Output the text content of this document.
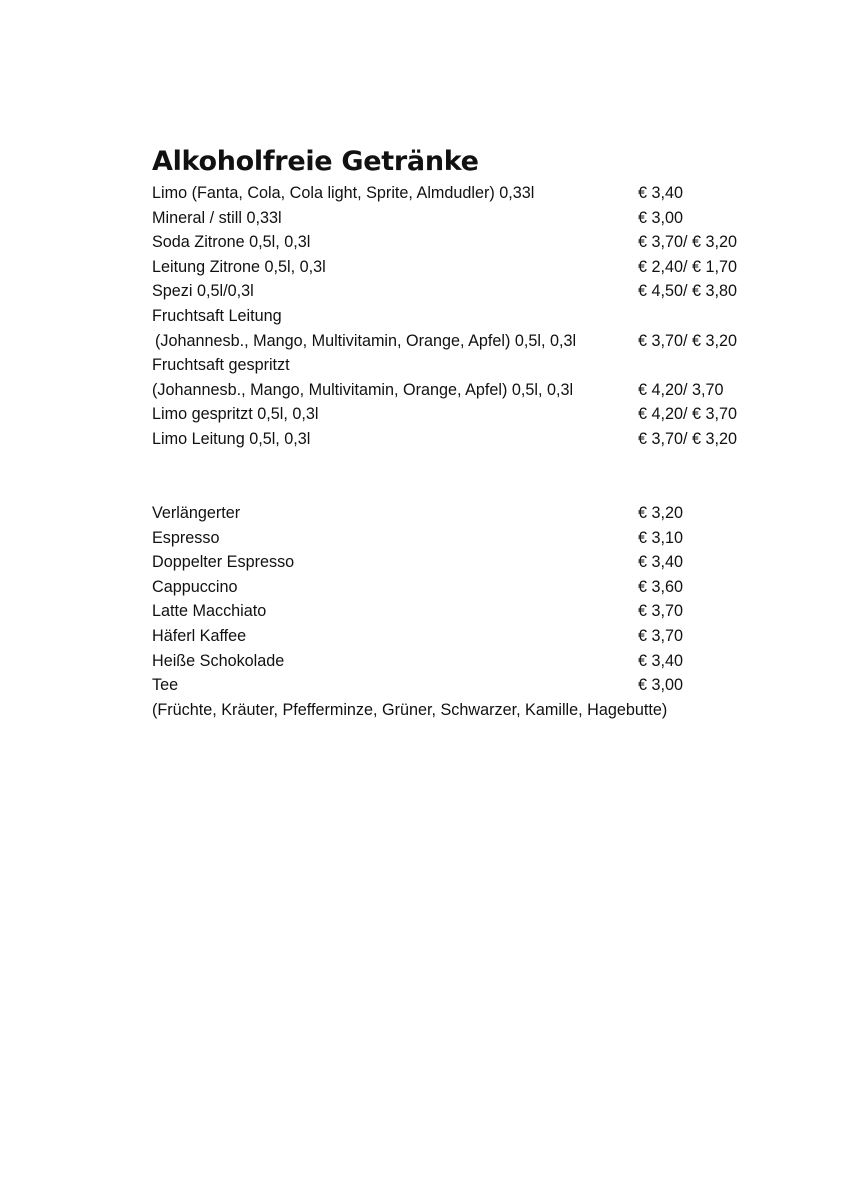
Alkoholfreie Getränke
Limo (Fanta, Cola, Cola light, Sprite, Almdudler) 0,33l	€ 3,40
Mineral / still 0,33l	€ 3,00
Soda Zitrone 0,5l, 0,3l	€ 3,70/ € 3,20
Leitung Zitrone 0,5l, 0,3l	€ 2,40/ € 1,70
Spezi 0,5l/0,3l	€ 4,50/ € 3,80
Fruchtsaft Leitung
(Johannesb., Mango, Multivitamin, Orange, Apfel) 0,5l, 0,3l	€ 3,70/ € 3,20
Fruchtsaft gespritzt
(Johannesb., Mango, Multivitamin, Orange, Apfel) 0,5l, 0,3l	€ 4,20/ 3,70
Limo gespritzt 0,5l, 0,3l	€ 4,20/ € 3,70
Limo Leitung 0,5l, 0,3l	€ 3,70/ € 3,20
Verlängerter	€ 3,20
Espresso	€ 3,10
Doppelter Espresso	€ 3,40
Cappuccino	€ 3,60
Latte Macchiato	€ 3,70
Häferl Kaffee	€ 3,70
Heiße Schokolade	€ 3,40
Tee	€ 3,00
(Früchte, Kräuter, Pfefferminze, Grüner, Schwarzer, Kamille, Hagebutte)
